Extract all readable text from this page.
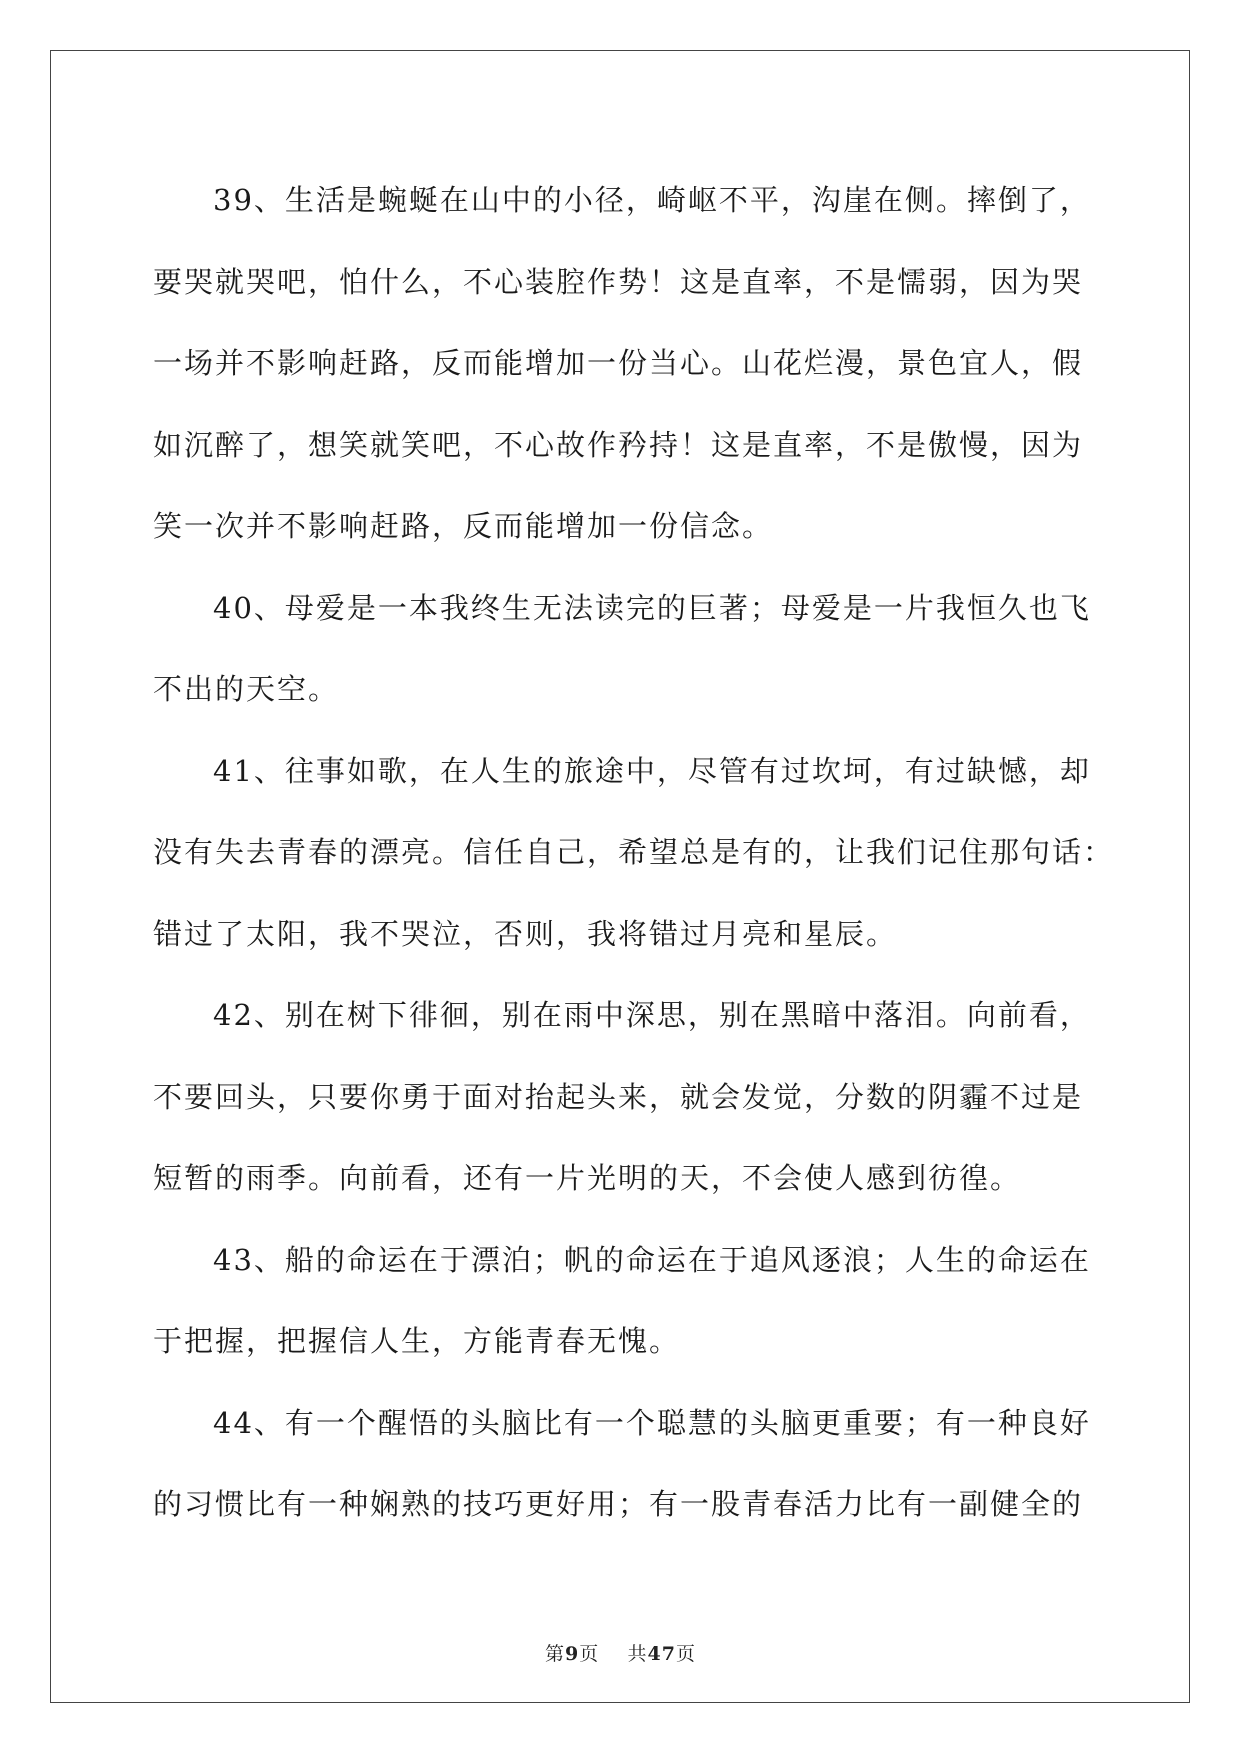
39、生活是蜿蜒在山中的小径，崎岖不平，沟崖在侧。摔倒了，
要哭就哭吧，怕什么，不心装腔作势！这是直率，不是懦弱，因为哭
一场并不影响赶路，反而能增加一份当心。山花烂漫，景色宜人，假
如沉醉了，想笑就笑吧，不心故作矜持！这是直率，不是傲慢，因为
笑一次并不影响赶路，反而能增加一份信念。

40、母爱是一本我终生无法读完的巨著；母爱是一片我恒久也飞
不出的天空。

41、往事如歌，在人生的旅途中，尽管有过坎坷，有过缺憾，却
没有失去青春的漂亮。信任自己，希望总是有的，让我们记住那句话：
错过了太阳，我不哭泣，否则，我将错过月亮和星辰。

42、别在树下徘徊，别在雨中深思，别在黑暗中落泪。向前看，
不要回头，只要你勇于面对抬起头来，就会发觉，分数的阴霾不过是
短暂的雨季。向前看，还有一片光明的天，不会使人感到彷徨。

43、船的命运在于漂泊；帆的命运在于追风逐浪；人生的命运在
于把握，把握信人生，方能青春无愧。

44、有一个醒悟的头脑比有一个聪慧的头脑更重要；有一种良好
的习惯比有一种娴熟的技巧更好用；有一股青春活力比有一副健全的

第9页 共47页
